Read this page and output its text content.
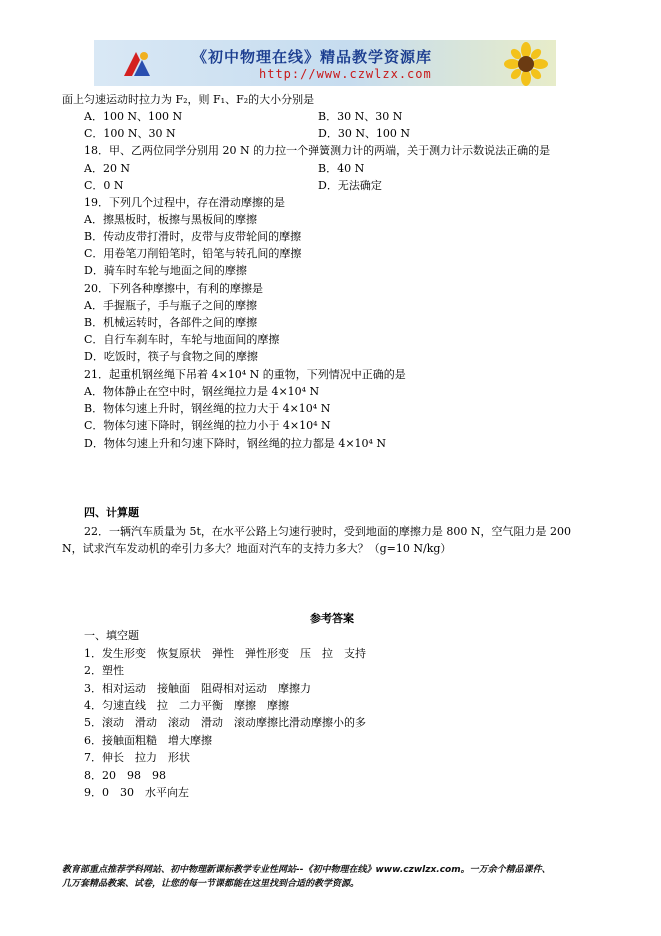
《初中物理在线》精品教学资源库
http://www.czwlzx.com
面上匀速运动时拉力为 F₂，则 F₁、F₂的大小分别是
A．100 N、100 N	B．30 N、30 N
C．100 N、30 N	D．30 N、100 N
18．甲、乙两位同学分别用 20 N 的力拉一个弹簧测力计的两端，关于测力计示数说法正确的是
A．20 N	B．40 N
C．0 N	D．无法确定
19．下列几个过程中，存在滑动摩擦的是
A．擦黑板时，板擦与黑板间的摩擦
B．传动皮带打滑时，皮带与皮带轮间的摩擦
C．用卷笔刀削铅笔时，铅笔与转孔间的摩擦
D．骑车时车轮与地面之间的摩擦
20．下列各种摩擦中，有利的摩擦是
A．手握瓶子，手与瓶子之间的摩擦
B．机械运转时，各部件之间的摩擦
C．自行车刹车时，车轮与地面间的摩擦
D．吃饭时，筷子与食物之间的摩擦
21．起重机钢丝绳下吊着 4×10⁴ N 的重物，下列情况中正确的是
A．物体静止在空中时，钢丝绳拉力是 4×10⁴ N
B．物体匀速上升时，钢丝绳的拉力大于 4×10⁴ N
C．物体匀速下降时，钢丝绳的拉力小于 4×10⁴ N
D．物体匀速上升和匀速下降时，钢丝绳的拉力都是 4×10⁴ N
四、计算题
22．一辆汽车质量为 5t，在水平公路上匀速行驶时，受到地面的摩擦力是 800 N，空气阻力是 200
N，试求汽车发动机的牵引力多大？地面对汽车的支持力多大？（g=10 N/kg）
参考答案
一、填空题
1．发生形变　恢复原状　弹性　弹性形变　压　拉　支持
2．塑性
3．相对运动　接触面　阻碍相对运动　摩擦力
4．匀速直线　拉　二力平衡　摩擦　摩擦
5．滚动　滑动　滚动　滑动　滚动摩擦比滑动摩擦小的多
6．接触面粗糙　增大摩擦
7．伸长　拉力　形状
8．20　98　98
9．0　30　水平向左
教育部重点推荐学科网站、初中物理新课标教学专业性网站--《初中物理在线》www.czwlzx.com。一万余个精品课件、
几万套精品教案、试卷，让您的每一节课都能在这里找到合适的教学资源。
